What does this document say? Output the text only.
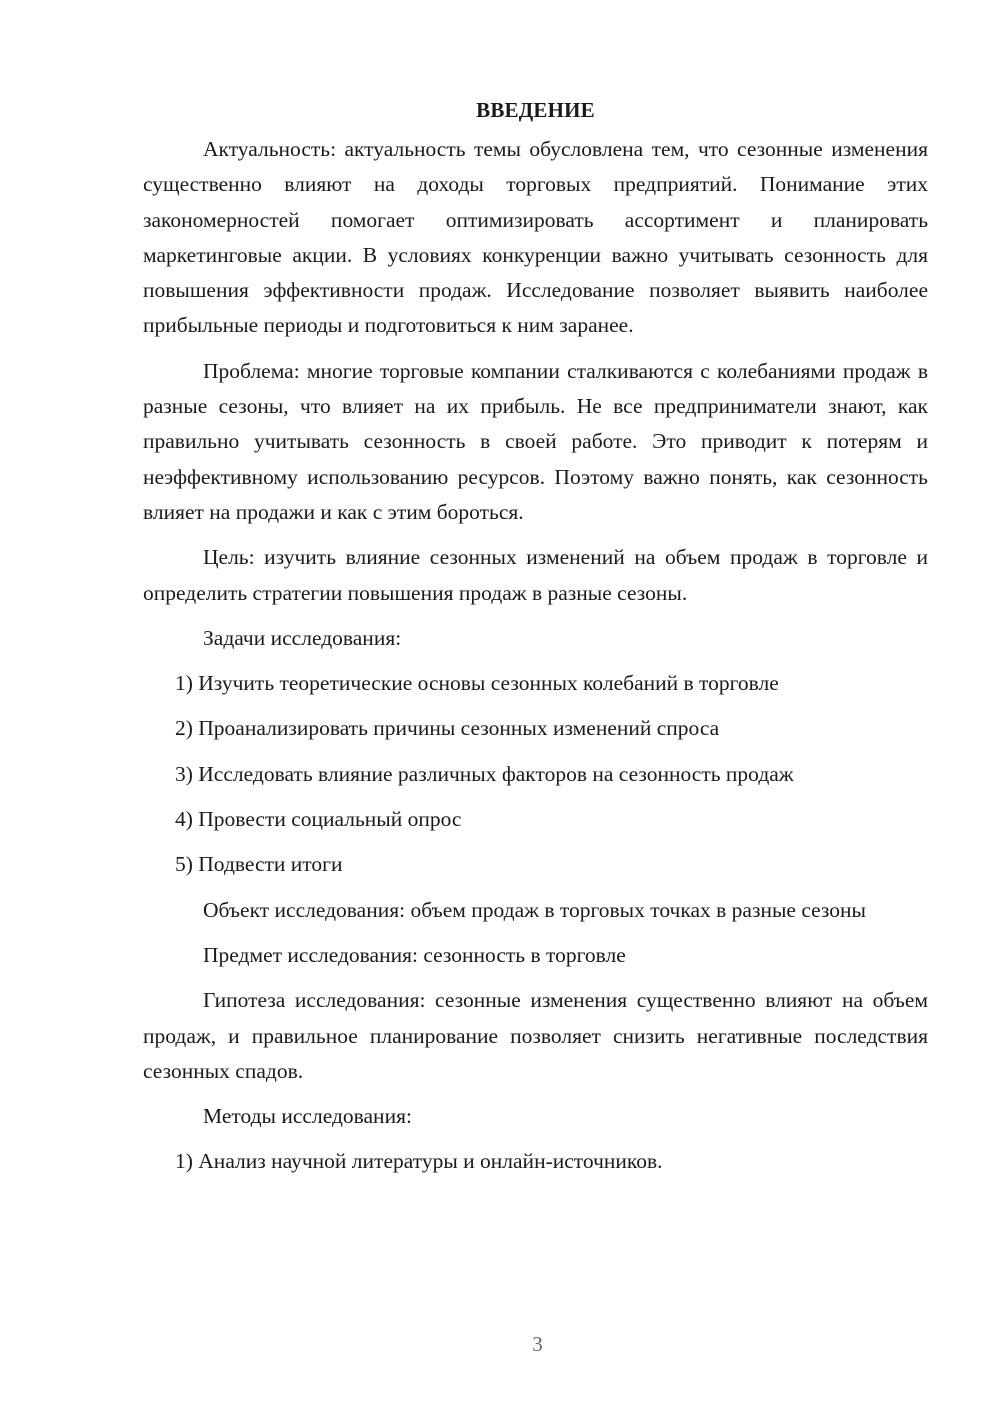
ВВЕДЕНИЕ

Актуальность: актуальность темы обусловлена тем, что сезонные изменения существенно влияют на доходы торговых предприятий. Понимание этих закономерностей помогает оптимизировать ассортимент и планировать маркетинговые акции. В условиях конкуренции важно учитывать сезонность для повышения эффективности продаж. Исследование позволяет выявить наиболее прибыльные периоды и подготовиться к ним заранее.

Проблема: многие торговые компании сталкиваются с колебаниями продаж в разные сезоны, что влияет на их прибыль. Не все предприниматели знают, как правильно учитывать сезонность в своей работе. Это приводит к потерям и неэффективному использованию ресурсов. Поэтому важно понять, как сезонность влияет на продажи и как с этим бороться.

Цель: изучить влияние сезонных изменений на объем продаж в торговле и определить стратегии повышения продаж в разные сезоны.

Задачи исследования:

1) Изучить теоретические основы сезонных колебаний в торговле
2) Проанализировать причины сезонных изменений спроса
3) Исследовать влияние различных факторов на сезонность продаж
4) Провести социальный опрос
5) Подвести итоги

Объект исследования: объем продаж в торговых точках в разные сезоны

Предмет исследования: сезонность в торговле

Гипотеза исследования: сезонные изменения существенно влияют на объем продаж, и правильное планирование позволяет снизить негативные последствия сезонных спадов.

Методы исследования:

1) Анализ научной литературы и онлайн-источников.
3
